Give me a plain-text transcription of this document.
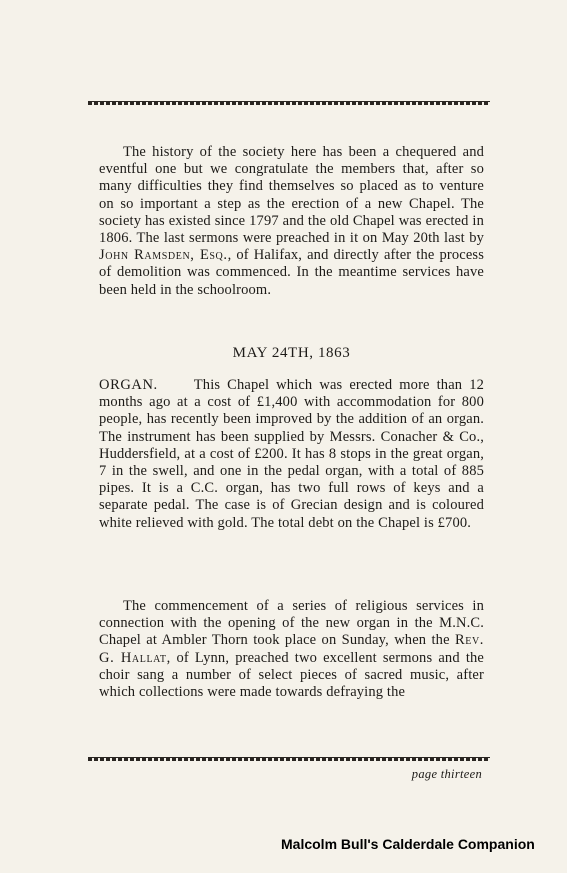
The history of the society here has been a chequered and eventful one but we congratulate the members that, after so many difficulties they find themselves so placed as to venture on so important a step as the erection of a new Chapel. The society has existed since 1797 and the old Chapel was erected in 1806. The last sermons were preached in it on May 20th last by John Ramsden, Esq., of Halifax, and directly after the process of demolition was commenced. In the meantime services have been held in the schoolroom.
MAY 24TH, 1863
ORGAN. This Chapel which was erected more than 12 months ago at a cost of £1,400 with accommodation for 800 people, has recently been improved by the addition of an organ. The instrument has been supplied by Messrs. Conacher & Co., Huddersfield, at a cost of £200. It has 8 stops in the great organ, 7 in the swell, and one in the pedal organ, with a total of 885 pipes. It is a C.C. organ, has two full rows of keys and a separate pedal. The case is of Grecian design and is coloured white relieved with gold. The total debt on the Chapel is £700.
The commencement of a series of religious services in connection with the opening of the new organ in the M.N.C. Chapel at Ambler Thorn took place on Sunday, when the Rev. G. Hallat, of Lynn, preached two excellent sermons and the choir sang a number of select pieces of sacred music, after which collections were made towards defraying the
page thirteen
Malcolm Bull's Calderdale Companion
